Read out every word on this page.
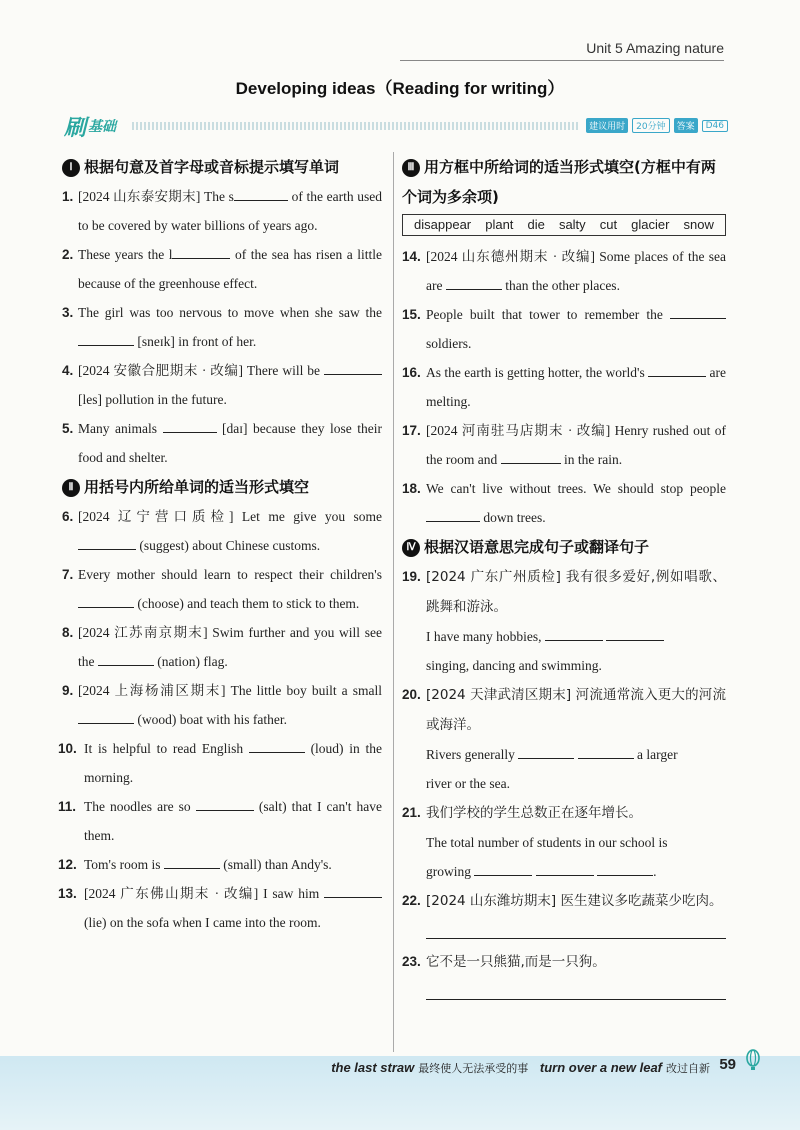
Unit 5 Amazing nature
Developing ideas（Reading for writing）
刷 基础	建议用时	20分钟	答案	D46
Ⅰ 根据句意及首字母或音标提示填写单词
1. [2024 山东泰安期末] The s	of the earth used to be covered by water billions of years ago.
2. These years the l	of the sea has risen a little because of the greenhouse effect.
3. The girl was too nervous to move when she saw the  [sneɪk] in front of her.
4. [2024 安徽合肥期末 · 改编] There will be  [les] pollution in the future.
5. Many animals	[daɪ] because they lose their food and shelter.
Ⅱ 用括号内所给单词的适当形式填空
6. [2024 辽宁营口质检] Let me give you some  (suggest) about Chinese customs.
7. Every mother should learn to respect their children's  (choose) and teach them to stick to them.
8. [2024 江苏南京期末] Swim further and you will see the	(nation) flag.
9. [2024 上海杨浦区期末] The little boy built a small  (wood) boat with his father.
10. It is helpful to read English	(loud) in the morning.
11. The noodles are so	(salt) that I can't have them.
12. Tom's room is	(small) than Andy's.
13. [2024 广东佛山期末 · 改编] I saw him  (lie) on the sofa when I came into the room.
Ⅲ 用方框中所给词的适当形式填空(方框中有两个词为多余项)
disappear plant die salty cut glacier snow
14. [2024 山东德州期末 · 改编] Some places of the sea are	than the other places.
15. People built that tower to remember the  soldiers.
16. As the earth is getting hotter, the world's	are melting.
17. [2024 河南驻马店期末 · 改编] Henry rushed out of the room and	in the rain.
18. We can't live without trees. We should stop people  down trees.
Ⅳ 根据汉语意思完成句子或翻译句子
19. [2024 广东广州质检] 我有很多爱好,例如唱歌、跳舞和游泳。
I have many hobbies,
singing, dancing and swimming.
20. [2024 天津武清区期末] 河流通常流入更大的河流或海洋。
Rivers generally	a larger
river or the sea.
21. 我们学校的学生总数正在逐年增长。
The total number of students in our school is
growing	.
22. [2024 山东潍坊期末] 医生建议多吃蔬菜少吃肉。
23. 它不是一只熊猫,而是一只狗。
the last straw 最终使人无法承受的事 turn over a new leaf 改过自新 59
